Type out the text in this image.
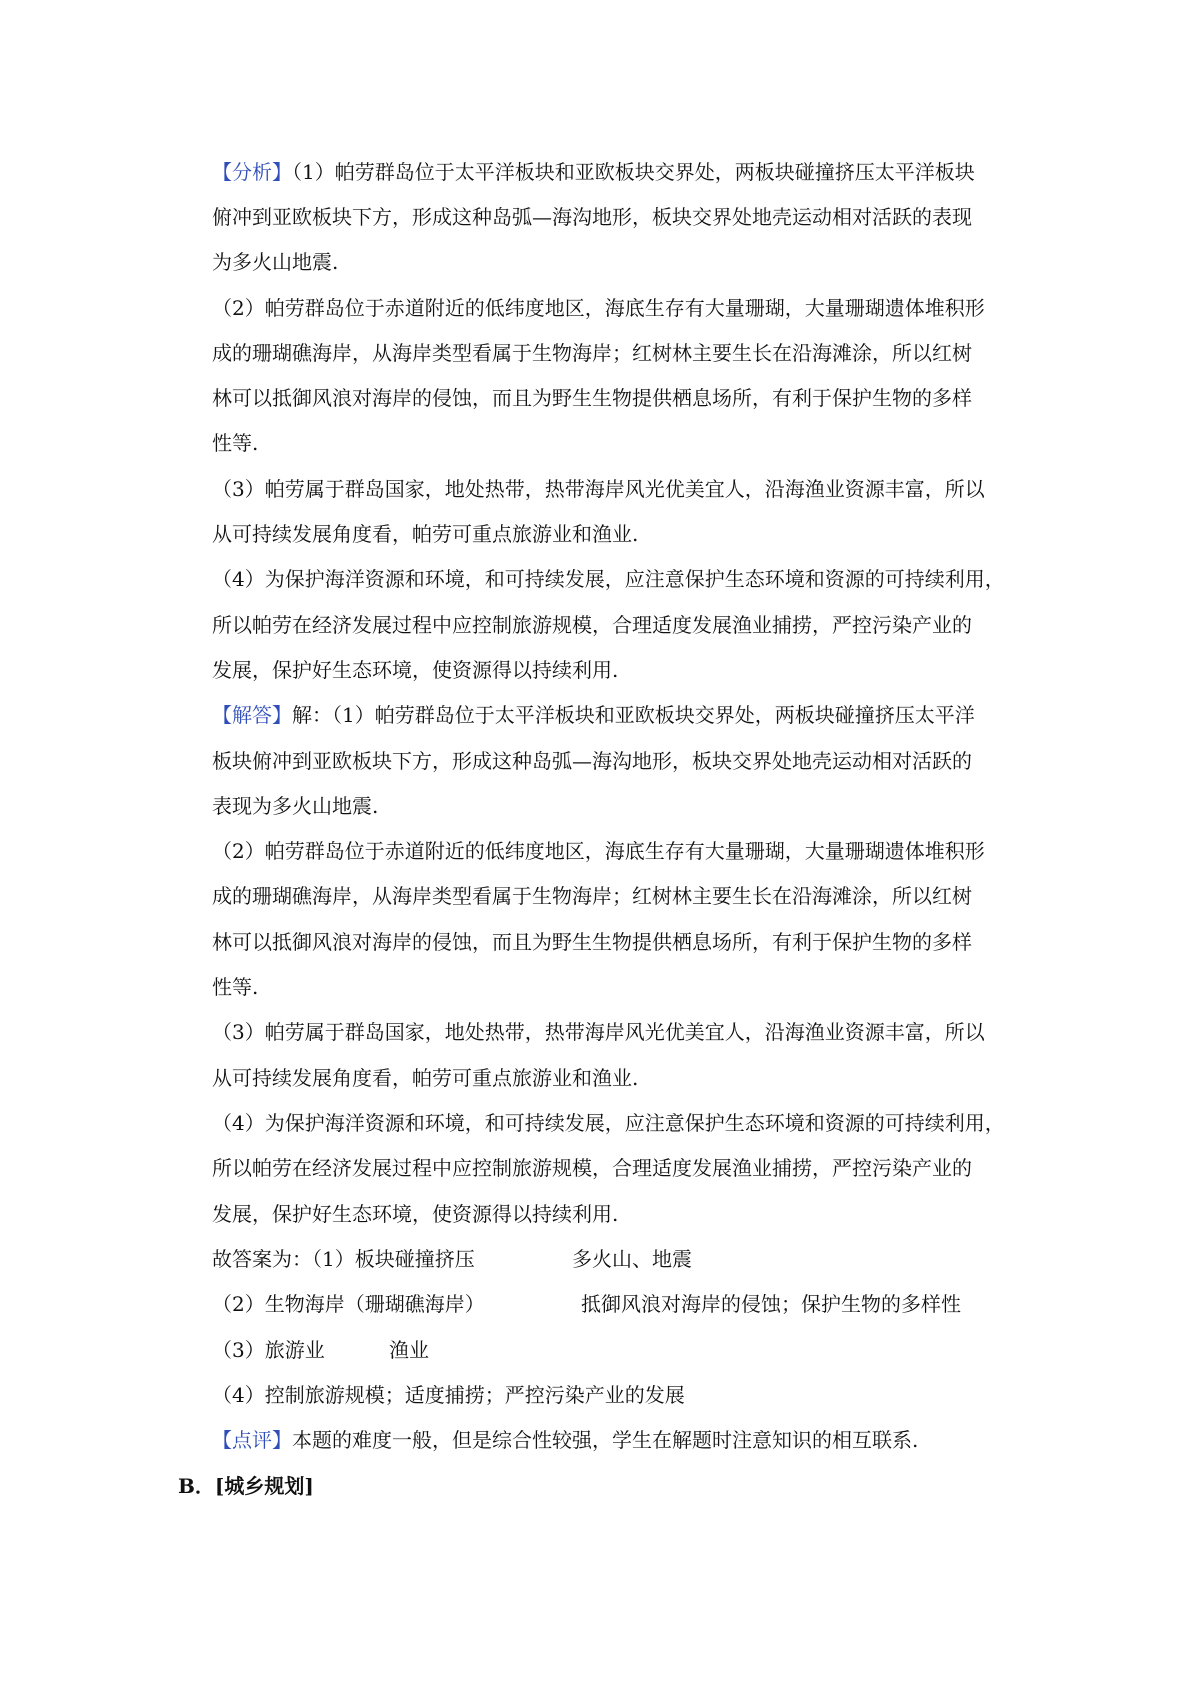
【分析】（1）帕劳群岛位于太平洋板块和亚欧板块交界处，两板块碰撞挤压太平洋板块
俯冲到亚欧板块下方，形成这种岛弧—海沟地形，板块交界处地壳运动相对活跃的表现
为多火山地震.
（2）帕劳群岛位于赤道附近的低纬度地区，海底生存有大量珊瑚，大量珊瑚遗体堆积形
成的珊瑚礁海岸，从海岸类型看属于生物海岸；红树林主要生长在沿海滩涂，所以红树
林可以抵御风浪对海岸的侵蚀，而且为野生生物提供栖息场所，有利于保护生物的多样
性等.
（3）帕劳属于群岛国家，地处热带，热带海岸风光优美宜人，沿海渔业资源丰富，所以
从可持续发展角度看，帕劳可重点旅游业和渔业.
（4）为保护海洋资源和环境，和可持续发展，应注意保护生态环境和资源的可持续利用，
所以帕劳在经济发展过程中应控制旅游规模，合理适度发展渔业捕捞，严控污染产业的
发展，保护好生态环境，使资源得以持续利用.
【解答】解：（1）帕劳群岛位于太平洋板块和亚欧板块交界处，两板块碰撞挤压太平洋
板块俯冲到亚欧板块下方，形成这种岛弧—海沟地形，板块交界处地壳运动相对活跃的
表现为多火山地震.
（2）帕劳群岛位于赤道附近的低纬度地区，海底生存有大量珊瑚，大量珊瑚遗体堆积形
成的珊瑚礁海岸，从海岸类型看属于生物海岸；红树林主要生长在沿海滩涂，所以红树
林可以抵御风浪对海岸的侵蚀，而且为野生生物提供栖息场所，有利于保护生物的多样
性等.
（3）帕劳属于群岛国家，地处热带，热带海岸风光优美宜人，沿海渔业资源丰富，所以
从可持续发展角度看，帕劳可重点旅游业和渔业.
（4）为保护海洋资源和环境，和可持续发展，应注意保护生态环境和资源的可持续利用，
所以帕劳在经济发展过程中应控制旅游规模，合理适度发展渔业捕捞，严控污染产业的
发展，保护好生态环境，使资源得以持续利用.
故答案为：（1）板块碰撞挤压	多火山、地震
（2）生物海岸（珊瑚礁海岸）	抵御风浪对海岸的侵蚀；保护生物的多样性
（3）旅游业	渔业
（4）控制旅游规模；适度捕捞；严控污染产业的发展
【点评】本题的难度一般，但是综合性较强，学生在解题时注意知识的相互联系.
B．[城乡规划]
